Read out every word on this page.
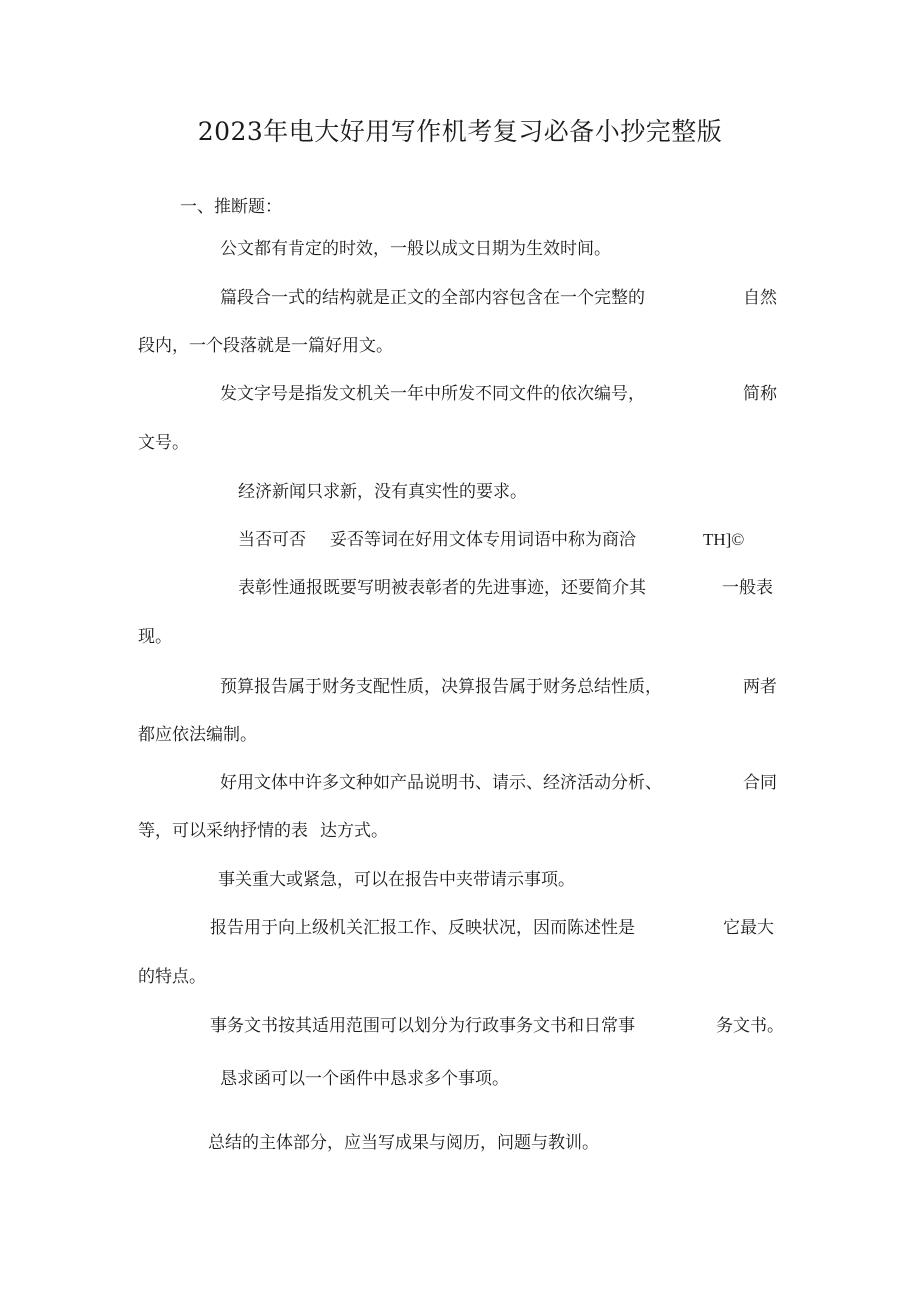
2023年电大好用写作机考复习必备小抄完整版
一、推断题：
公文都有肯定的时效，一般以成文日期为生效时间。
篇段合一式的结构就是正文的全部内容包含在一个完整的	自然
段内，一个段落就是一篇好用文。
发文字号是指发文机关一年中所发不同文件的依次编号，	简称
文号。
经济新闻只求新，没有真实性的要求。
当否可否 妥否等词在好用文体专用词语中称为商洽	TH]©
表彰性通报既要写明被表彰者的先进事迹，还要简介其	一般表
现。
预算报告属于财务支配性质，决算报告属于财务总结性质，	两者
都应依法编制。
好用文体中许多文种如产品说明书、请示、经济活动分析、	合同
等，可以采纳抒情的表 达方式。
事关重大或紧急，可以在报告中夹带请示事项。
报告用于向上级机关汇报工作、反映状况，因而陈述性是	它最大
的特点。
事务文书按其适用范围可以划分为行政事务文书和日常事	务文书。
恳求函可以一个函件中恳求多个事项。
总结的主体部分，应当写成果与阅历，问题与教训。
